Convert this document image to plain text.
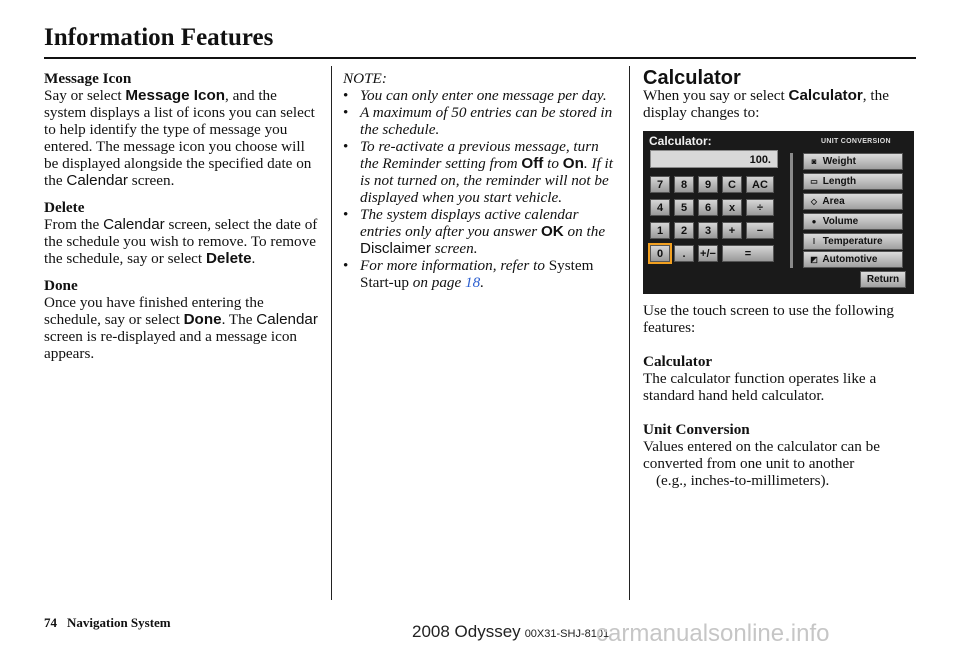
Information Features

Message Icon

Say or select Message Icon, and the system displays a list of icons you can select to help identify the type of message you entered. The message icon you choose will be displayed alongside the specified date on the Calendar screen.

Delete

From the Calendar screen, select the date of the schedule you wish to remove. To remove the schedule, say or select Delete.

Done

Once you have finished entering the schedule, say or select Done. The Calendar screen is re-displayed and a message icon appears.

NOTE:

• You can only enter one message per day.
• A maximum of 50 entries can be stored in the schedule.
• To re-activate a previous message, turn the Reminder setting from Off to On. If it is not turned on, the reminder will not be displayed when you start vehicle.
• The system displays active calendar entries only after you answer OK on the Disclaimer screen.
• For more information, refer to System Start-up on page 18.

Calculator

When you say or select Calculator, the display changes to:

Use the touch screen to use the following features:

Calculator

The calculator function operates like a standard hand held calculator.

Unit Conversion

Values entered on the calculator can be converted from one unit to another

(e.g., inches-to-millimeters).

Calculator:	UNIT CONVERSION
100.
7	8	9	C	AC
4	5	6	x	÷
1	2	3	+	−
0	.	+/−	=
◙ Weight
▭ Length
◇ Area
● Volume
ǀ Temperature
◩ Automotive
Return
74 Navigation System	2008 Odyssey 00X31-SHJ-8101
carmanualsonline.info
